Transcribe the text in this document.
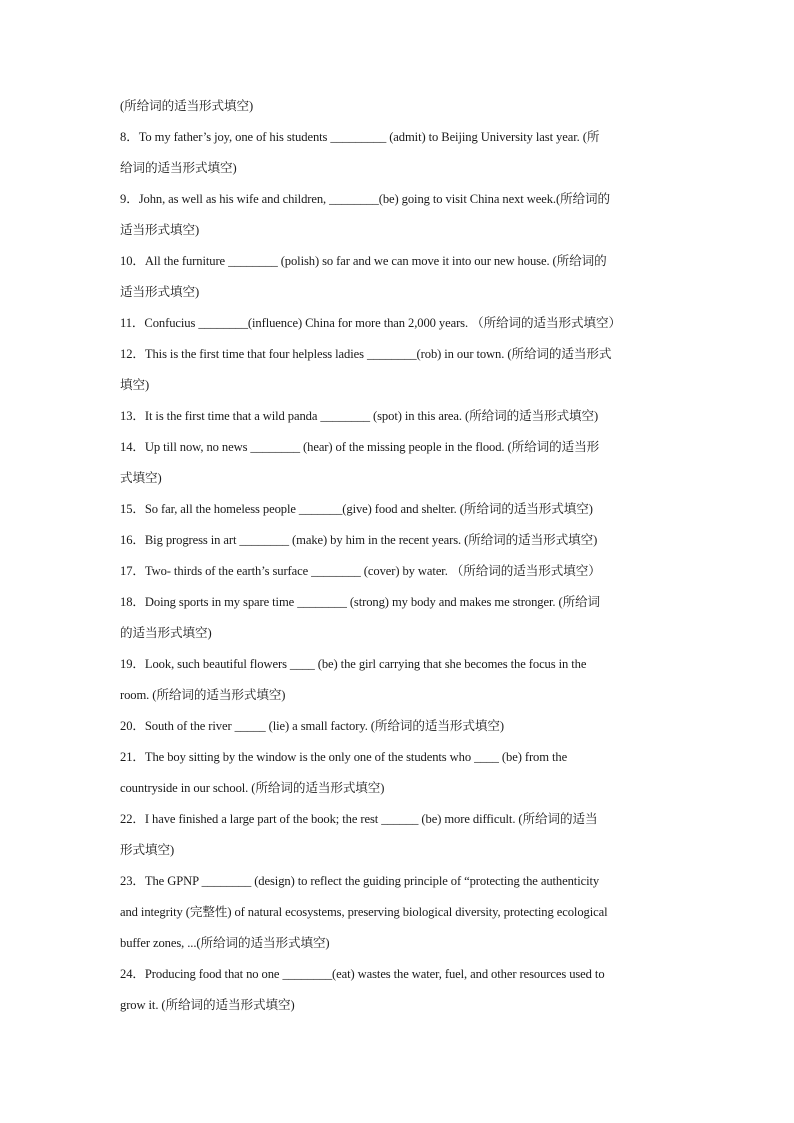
(所给词的适当形式填空)
8．To my father’s joy, one of his students _________ (admit) to Beijing University last year. (所
给词的适当形式填空)
9．John, as well as his wife and children, ________(be) going to visit China next week.(所给词的
适当形式填空)
10．All the furniture ________ (polish) so far and we can move it into our new house. (所给词的
适当形式填空)
11．Confucius ________(influence) China for more than 2,000 years. （所给词的适当形式填空）
12．This is the first time that four helpless ladies ________(rob) in our town. (所给词的适当形式
填空)
13．It is the first time that a wild panda ________ (spot) in this area. (所给词的适当形式填空)
14．Up till now, no news ________ (hear) of the missing people in the flood. (所给词的适当形
式填空)
15．So far, all the homeless people _______(give) food and shelter. (所给词的适当形式填空)
16．Big progress in art ________ (make) by him in the recent years. (所给词的适当形式填空)
17．Two- thirds of the earth’s surface ________ (cover) by water. （所给词的适当形式填空）
18．Doing sports in my spare time ________ (strong) my body and makes me stronger. (所给词
的适当形式填空)
19．Look, such beautiful flowers ____ (be) the girl carrying that she becomes the focus in the
room. (所给词的适当形式填空)
20．South of the river _____ (lie) a small factory. (所给词的适当形式填空)
21．The boy sitting by the window is the only one of the students who ____ (be) from the
countryside in our school. (所给词的适当形式填空)
22．I have finished a large part of the book; the rest ______ (be) more difficult. (所给词的适当
形式填空)
23．The GPNP ________ (design) to reflect the guiding principle of “protecting the authenticity
and integrity (完整性) of natural ecosystems, preserving biological diversity, protecting ecological
buffer zones, ...(所给词的适当形式填空)
24．Producing food that no one ________(eat) wastes the water, fuel, and other resources used to
grow it. (所给词的适当形式填空)
